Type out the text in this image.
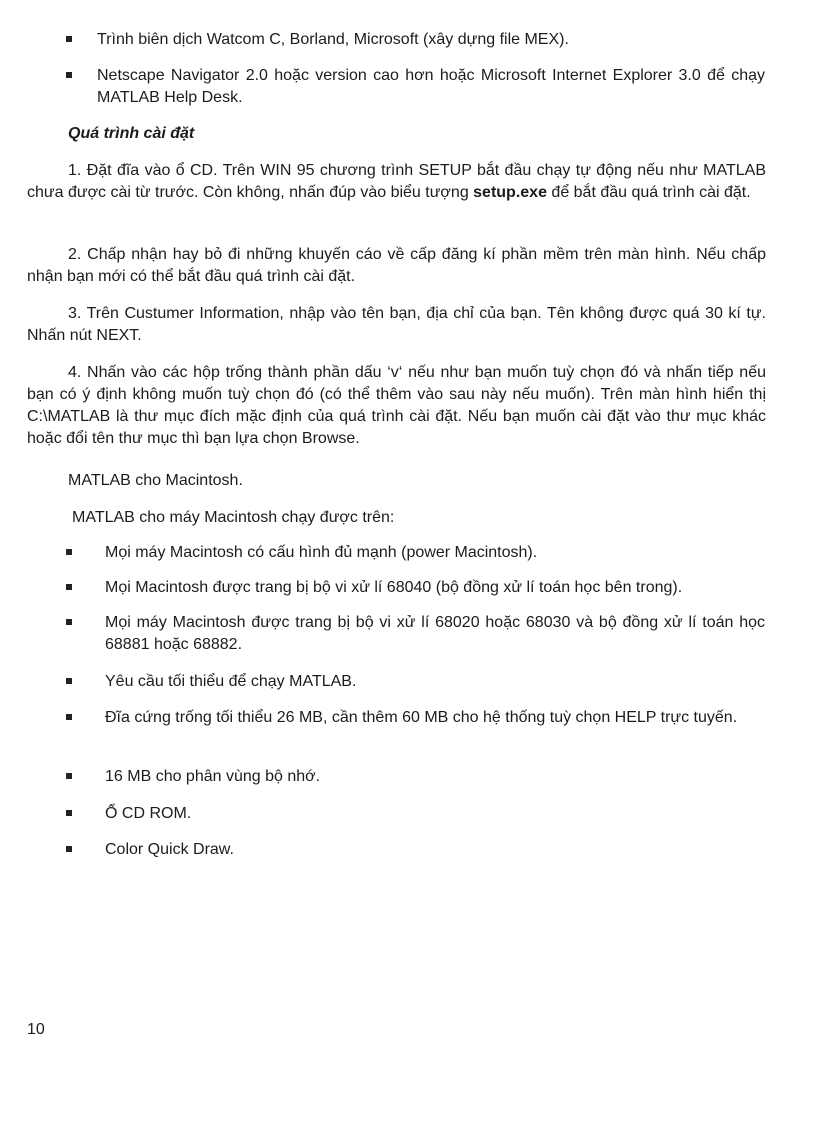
Trình biên dịch Watcom C, Borland, Microsoft (xây dựng file MEX).
Netscape Navigator 2.0 hoặc version cao hơn hoặc Microsoft Internet Explorer 3.0 để chạy MATLAB Help Desk.
Quá trình cài đặt
1. Đặt đĩa vào ổ CD. Trên WIN 95 chương trình SETUP bắt đầu chạy tự động nếu như MATLAB chưa được cài từ trước. Còn không, nhấn đúp vào biểu tượng setup.exe để bắt đầu quá trình cài đặt.
2. Chấp nhận hay bỏ đi những khuyến cáo về cấp đăng kí phần mềm trên màn hình. Nếu chấp nhận bạn mới có thể bắt đầu quá trình cài đặt.
3. Trên Custumer Information, nhập vào tên bạn, địa chỉ của bạn. Tên không được quá 30 kí tự. Nhấn nút NEXT.
4. Nhấn vào các hộp trống thành phần dấu ‘v‘ nếu như bạn muốn tuỳ chọn đó và nhấn tiếp nếu bạn có ý định không muốn tuỳ chọn đó (có thể thêm vào sau này nếu muốn). Trên màn hình hiển thị C:\MATLAB là thư mục đích mặc định của quá trình cài đặt. Nếu bạn muốn cài đặt vào thư mục khác hoặc đổi tên thư mục thì bạn lựa chọn Browse.
MATLAB cho Macintosh.
MATLAB cho máy Macintosh chạy được trên:
Mọi máy Macintosh có cấu hình đủ mạnh (power Macintosh).
Mọi Macintosh được trang bị bộ vi xử lí 68040 (bộ đồng xử lí toán học bên trong).
Mọi máy Macintosh được trang bị bộ vi xử lí 68020 hoặc 68030 và bộ đồng xử lí toán học 68881 hoặc 68882.
Yêu cầu tối thiểu để chạy MATLAB.
Đĩa cứng trống tối thiểu 26 MB, cần thêm 60 MB cho hệ thống tuỳ chọn HELP trực tuyến.
16 MB cho phân vùng bộ nhớ.
Ổ CD ROM.
Color Quick Draw.
10
